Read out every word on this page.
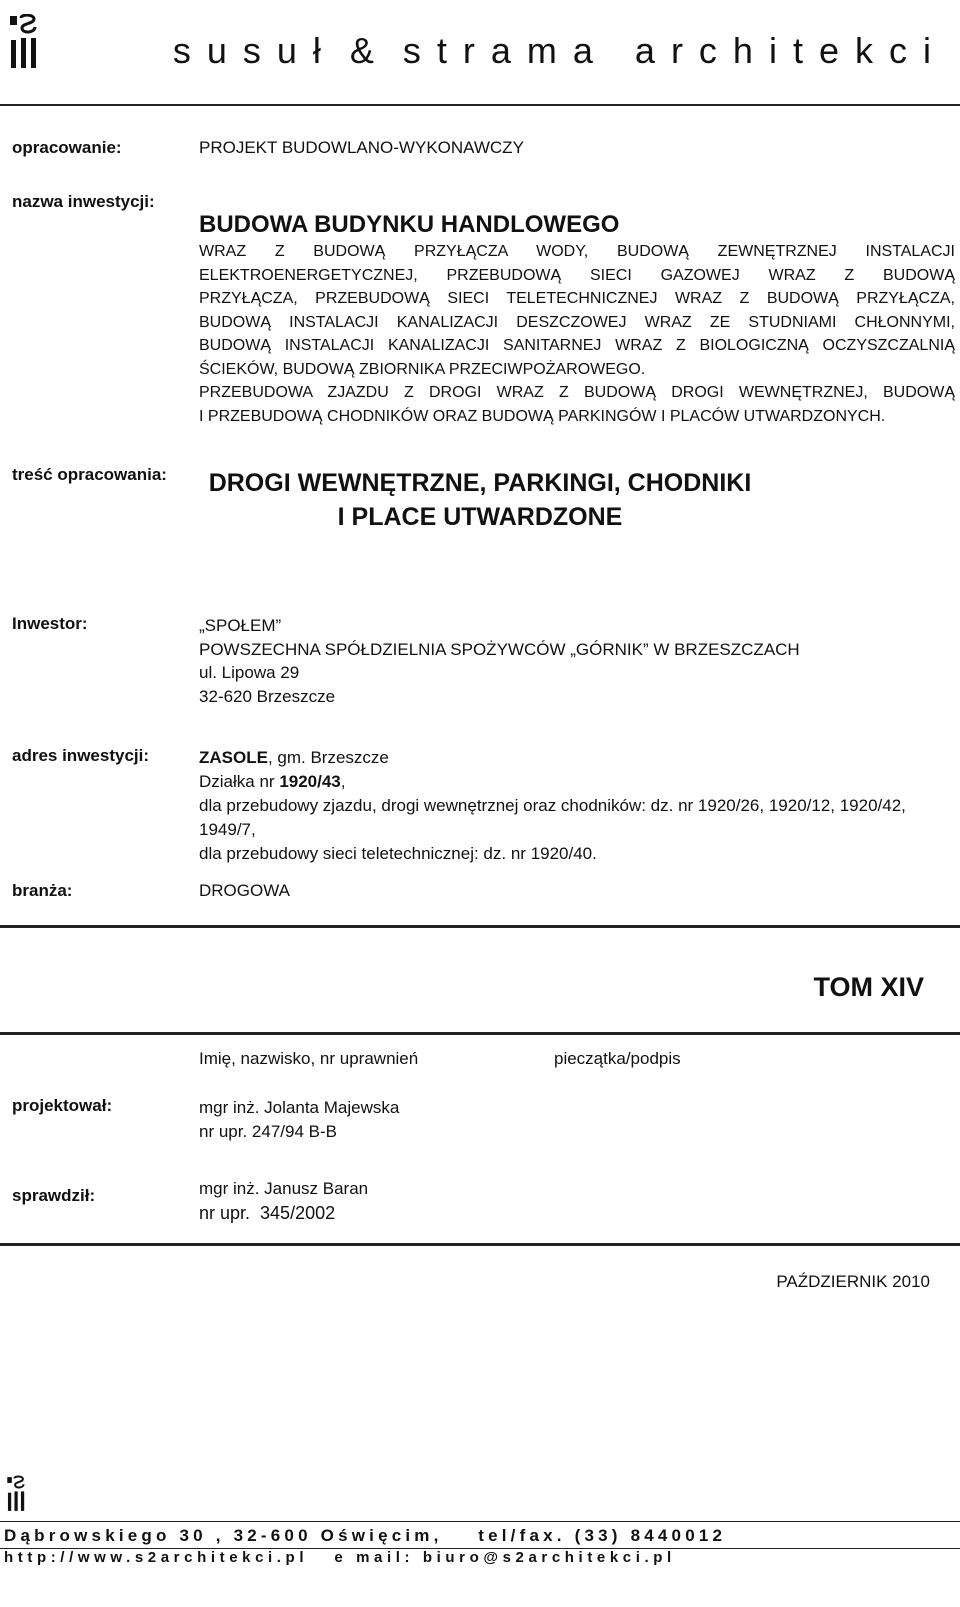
s u s u ł  &  s t r a m a   a r c h i t e k c i
opracowanie:	PROJEKT BUDOWLANO-WYKONAWCZY
nazwa inwestycji:
BUDOWA BUDYNKU HANDLOWEGO
WRAZ Z BUDOWĄ PRZYŁĄCZA WODY, BUDOWĄ ZEWNĘTRZNEJ INSTALACJI
ELEKTROENERGETYCZNEJ, PRZEBUDOWĄ SIECI GAZOWEJ WRAZ Z BUDOWĄ
PRZYŁĄCZA, PRZEBUDOWĄ SIECI TELETECHNICZNEJ WRAZ Z BUDOWĄ PRZYŁĄCZA,
BUDOWĄ INSTALACJI KANALIZACJI DESZCZOWEJ WRAZ ZE STUDNIAMI CHŁONNYMI,
BUDOWĄ INSTALACJI KANALIZACJI SANITARNEJ WRAZ Z BIOLOGICZNĄ OCZYSZCZALNIĄ
ŚCIEKÓW, BUDOWĄ ZBIORNIKA PRZECIWPOŻAROWEGO.
PRZEBUDOWA ZJAZDU Z DROGI WRAZ Z BUDOWĄ DROGI WEWNĘTRZNEJ, BUDOWĄ
I PRZEBUDOWĄ CHODNIKÓW ORAZ BUDOWĄ PARKINGÓW I PLACÓW UTWARDZONYCH.
treść opracowania:	DROGI WEWNĘTRZNE, PARKINGI, CHODNIKI
I PLACE UTWARDZONE
Inwestor:	„SPOŁEM”
POWSZECHNA SPÓŁDZIELNIA SPOŻYWCÓW „GÓRNIK” W BRZESZCZACH
ul. Lipowa 29
32-620 Brzeszcze
adres inwestycji:	ZASOLE, gm. Brzeszcze
Działka nr 1920/43,
dla przebudowy zjazdu, drogi wewnętrznej oraz chodników: dz. nr 1920/26, 1920/12, 1920/42,
1949/7,
dla przebudowy sieci teletechnicznej: dz. nr 1920/40.
branża:	DROGOWA
TOM XIV
Imię, nazwisko, nr uprawnień	pieczątka/podpis
projektował:	mgr inż. Jolanta Majewska
nr upr. 247/94 B-B
sprawdził:	mgr inż. Janusz Baran
nr upr.  345/2002
PAŹDZIERNIK 2010
Dąbrowskiego 30 , 32-600 Oświęcim,    tel/fax. (33) 8440012
http://www.s2architekci.pl   e mail: biuro@s2architekci.pl
